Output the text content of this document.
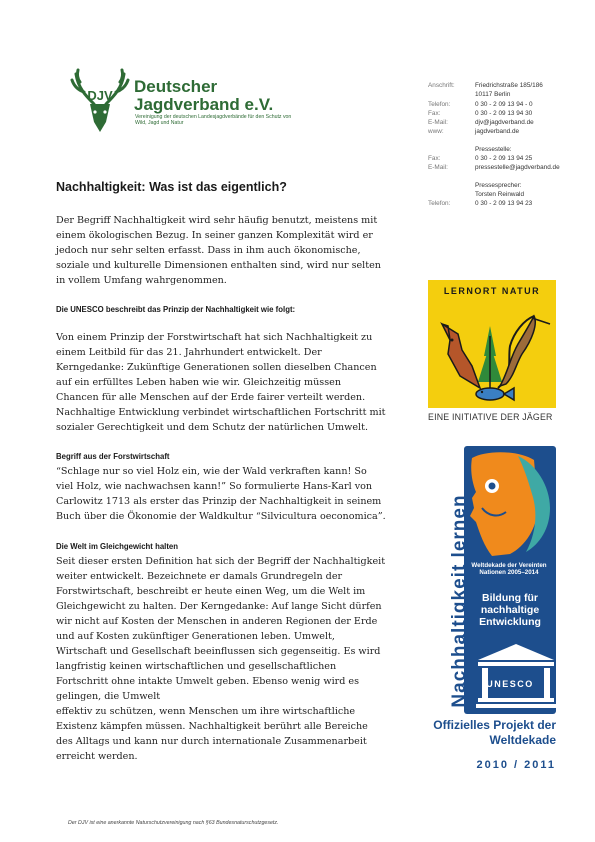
DJV Deutscher
Jagdverband e.V.
Vereinigung der deutschen Landesjagdverbände für den Schutz von Wild, Jagd und Natur
Anschrift:	Friedrichstraße 185/186
10117 Berlin
Telefon:	0 30 - 2 09 13 94 - 0
Fax:	0 30 - 2 09 13 94 30
E-Mail:	djv@jagdverband.de
www:	jagdverband.de
Pressestelle:
Fax:	0 30 - 2 09 13 94 25
E-Mail:	pressestelle@jagdverband.de
Pressesprecher:
Torsten Reinwald
Telefon:	0 30 - 2 09 13 94 23
Nachhaltigkeit: Was ist das eigentlich?
Der Begriff Nachhaltigkeit wird sehr häufig benutzt, meistens mit einem ökologischen Bezug. In seiner ganzen Komplexität wird er jedoch nur sehr selten erfasst. Dass in ihm auch ökonomische, soziale und kulturelle Dimensionen enthalten sind, wird nur selten in vollem Umfang wahrgenommen.
Die UNESCO beschreibt das Prinzip der Nachhaltigkeit wie folgt:
Von einem Prinzip der Forstwirtschaft hat sich Nachhaltigkeit zu einem Leitbild für das 21. Jahrhundert entwickelt. Der Kerngedanke: Zukünftige Generationen sollen dieselben Chancen auf ein erfülltes Leben haben wie wir. Gleichzeitig müssen Chancen für alle Menschen auf der Erde fairer verteilt werden. Nachhaltige Entwicklung verbindet wirtschaftlichen Fortschritt mit sozialer Gerechtigkeit und dem Schutz der natürlichen Umwelt.
Begriff aus der Forstwirtschaft
“Schlage nur so viel Holz ein, wie der Wald verkraften kann! So viel Holz, wie nachwachsen kann!” So formulierte Hans-Karl von Carlowitz 1713 als erster das Prinzip der Nachhaltigkeit in seinem Buch über die Ökonomie der Waldkultur “Silvicultura oeconomica”.
Die Welt im Gleichgewicht halten
Seit dieser ersten Definition hat sich der Begriff der Nachhaltigkeit weiter entwickelt. Bezeichnete er damals Grundregeln der Forstwirtschaft, beschreibt er heute einen Weg, um die Welt im Gleichgewicht zu halten. Der Kerngedanke: Auf lange Sicht dürfen wir nicht auf Kosten der Menschen in anderen Regionen der Erde und auf Kosten zukünftiger Generationen leben. Umwelt, Wirtschaft und Gesellschaft beeinflussen sich gegenseitig. Es wird langfristig keinen wirtschaftlichen und gesellschaftlichen Fortschritt ohne intakte Umwelt geben. Ebenso wenig wird es gelingen, die Umwelt
effektiv zu schützen, wenn Menschen um ihre wirtschaftliche Existenz kämpfen müssen. Nachhaltigkeit berührt alle Bereiche des Alltags und kann nur durch internationale Zusammenarbeit erreicht werden.
LERNORT NATUR
EINE INITIATIVE DER JÄGER
Nachhaltigkeit lernen Weltdekade der Vereinten Nationen 2005–2014
Bildung für nachhaltige Entwicklung
UNESCO
Offizielles Projekt der Weltdekade
2010 / 2011
Der DJV ist eine anerkannte Naturschutzvereinigung nach §63 Bundesnaturschutzgesetz.
